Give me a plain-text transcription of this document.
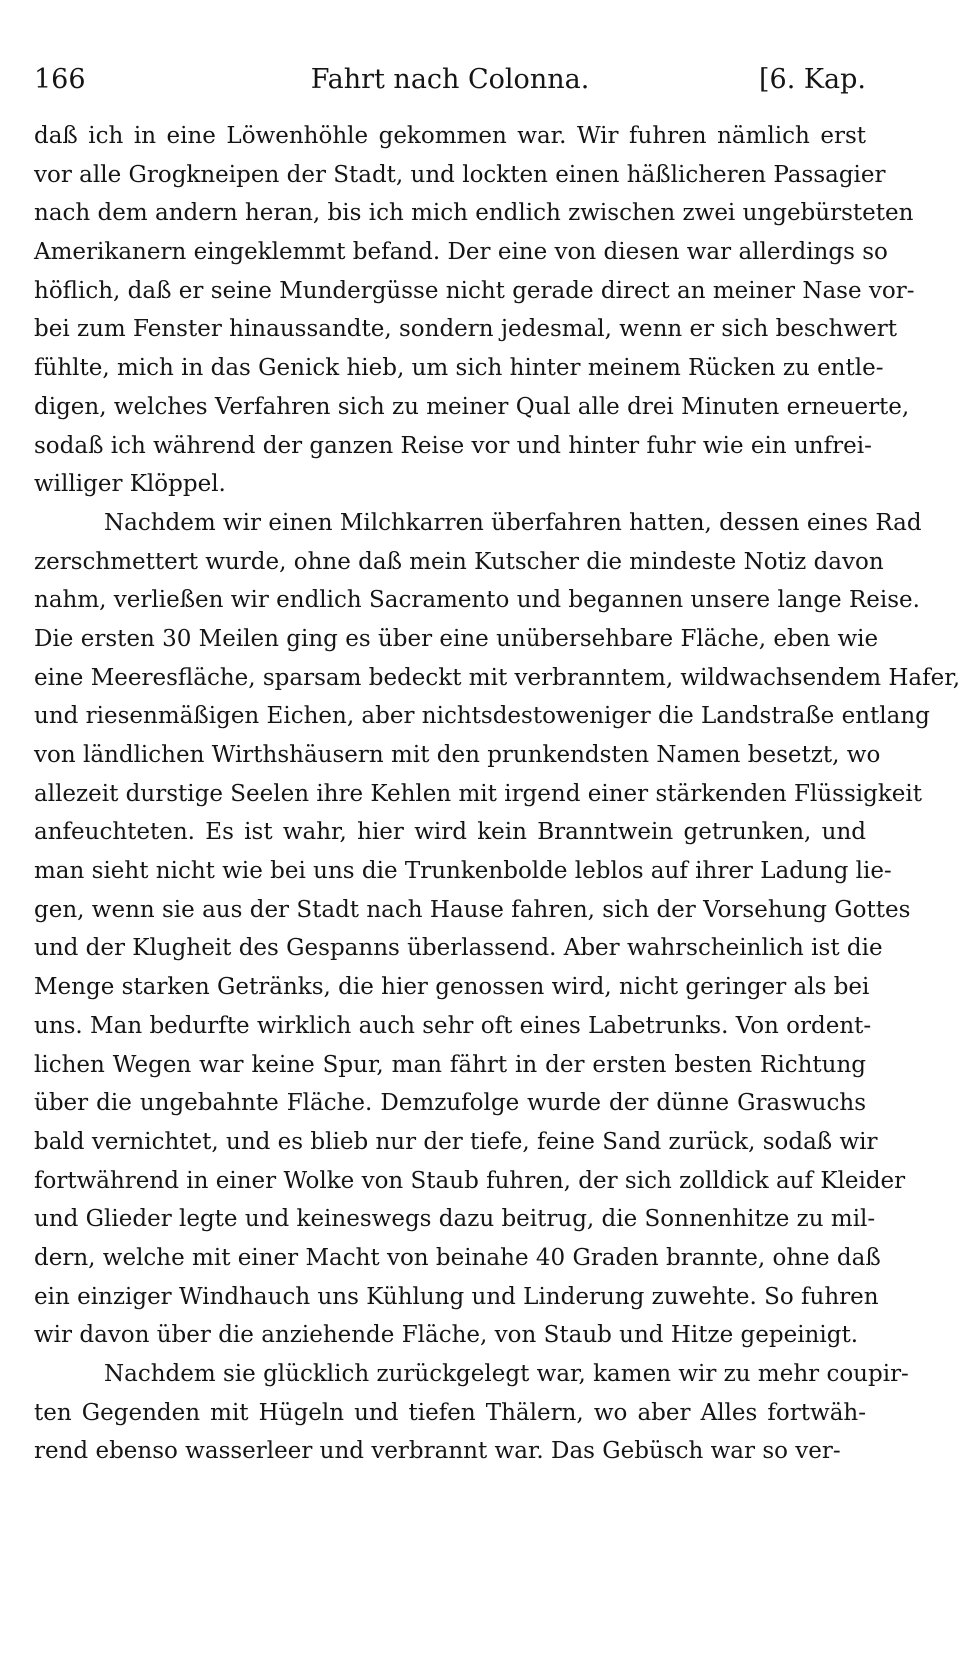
166	Fahrt nach Colonna.	[6. Kap.
daß ich in eine Löwenhöhle gekommen war. Wir fuhren nämlich erst
vor alle Grogkneipen der Stadt, und lockten einen häßlicheren Passagier
nach dem andern heran, bis ich mich endlich zwischen zwei ungebürsteten
Amerikanern eingeklemmt befand. Der eine von diesen war allerdings so
höflich, daß er seine Mundergüsse nicht gerade direct an meiner Nase vor-
bei zum Fenster hinaussandte, sondern jedesmal, wenn er sich beschwert
fühlte, mich in das Genick hieb, um sich hinter meinem Rücken zu entle-
digen, welches Verfahren sich zu meiner Qual alle drei Minuten erneuerte,
sodaß ich während der ganzen Reise vor und hinter fuhr wie ein unfrei-
williger Klöppel.
Nachdem wir einen Milchkarren überfahren hatten, dessen eines Rad
zerschmettert wurde, ohne daß mein Kutscher die mindeste Notiz davon
nahm, verließen wir endlich Sacramento und begannen unsere lange Reise.
Die ersten 30 Meilen ging es über eine unübersehbare Fläche, eben wie
eine Meeresfläche, sparsam bedeckt mit verbranntem, wildwachsendem Hafer,
und riesenmäßigen Eichen, aber nichtsdestoweniger die Landstraße entlang
von ländlichen Wirthshäusern mit den prunkendsten Namen besetzt, wo
allezeit durstige Seelen ihre Kehlen mit irgend einer stärkenden Flüssigkeit
anfeuchteten. Es ist wahr, hier wird kein Branntwein getrunken, und
man sieht nicht wie bei uns die Trunkenbolde leblos auf ihrer Ladung lie-
gen, wenn sie aus der Stadt nach Hause fahren, sich der Vorsehung Gottes
und der Klugheit des Gespanns überlassend. Aber wahrscheinlich ist die
Menge starken Getränks, die hier genossen wird, nicht geringer als bei
uns. Man bedurfte wirklich auch sehr oft eines Labetrunks. Von ordent-
lichen Wegen war keine Spur, man fährt in der ersten besten Richtung
über die ungebahnte Fläche. Demzufolge wurde der dünne Graswuchs
bald vernichtet, und es blieb nur der tiefe, feine Sand zurück, sodaß wir
fortwährend in einer Wolke von Staub fuhren, der sich zolldick auf Kleider
und Glieder legte und keineswegs dazu beitrug, die Sonnenhitze zu mil-
dern, welche mit einer Macht von beinahe 40 Graden brannte, ohne daß
ein einziger Windhauch uns Kühlung und Linderung zuwehte. So fuhren
wir davon über die anziehende Fläche, von Staub und Hitze gepeinigt.
Nachdem sie glücklich zurückgelegt war, kamen wir zu mehr coupir-
ten Gegenden mit Hügeln und tiefen Thälern, wo aber Alles fortwäh-
rend ebenso wasserleer und verbrannt war. Das Gebüsch war so ver-
